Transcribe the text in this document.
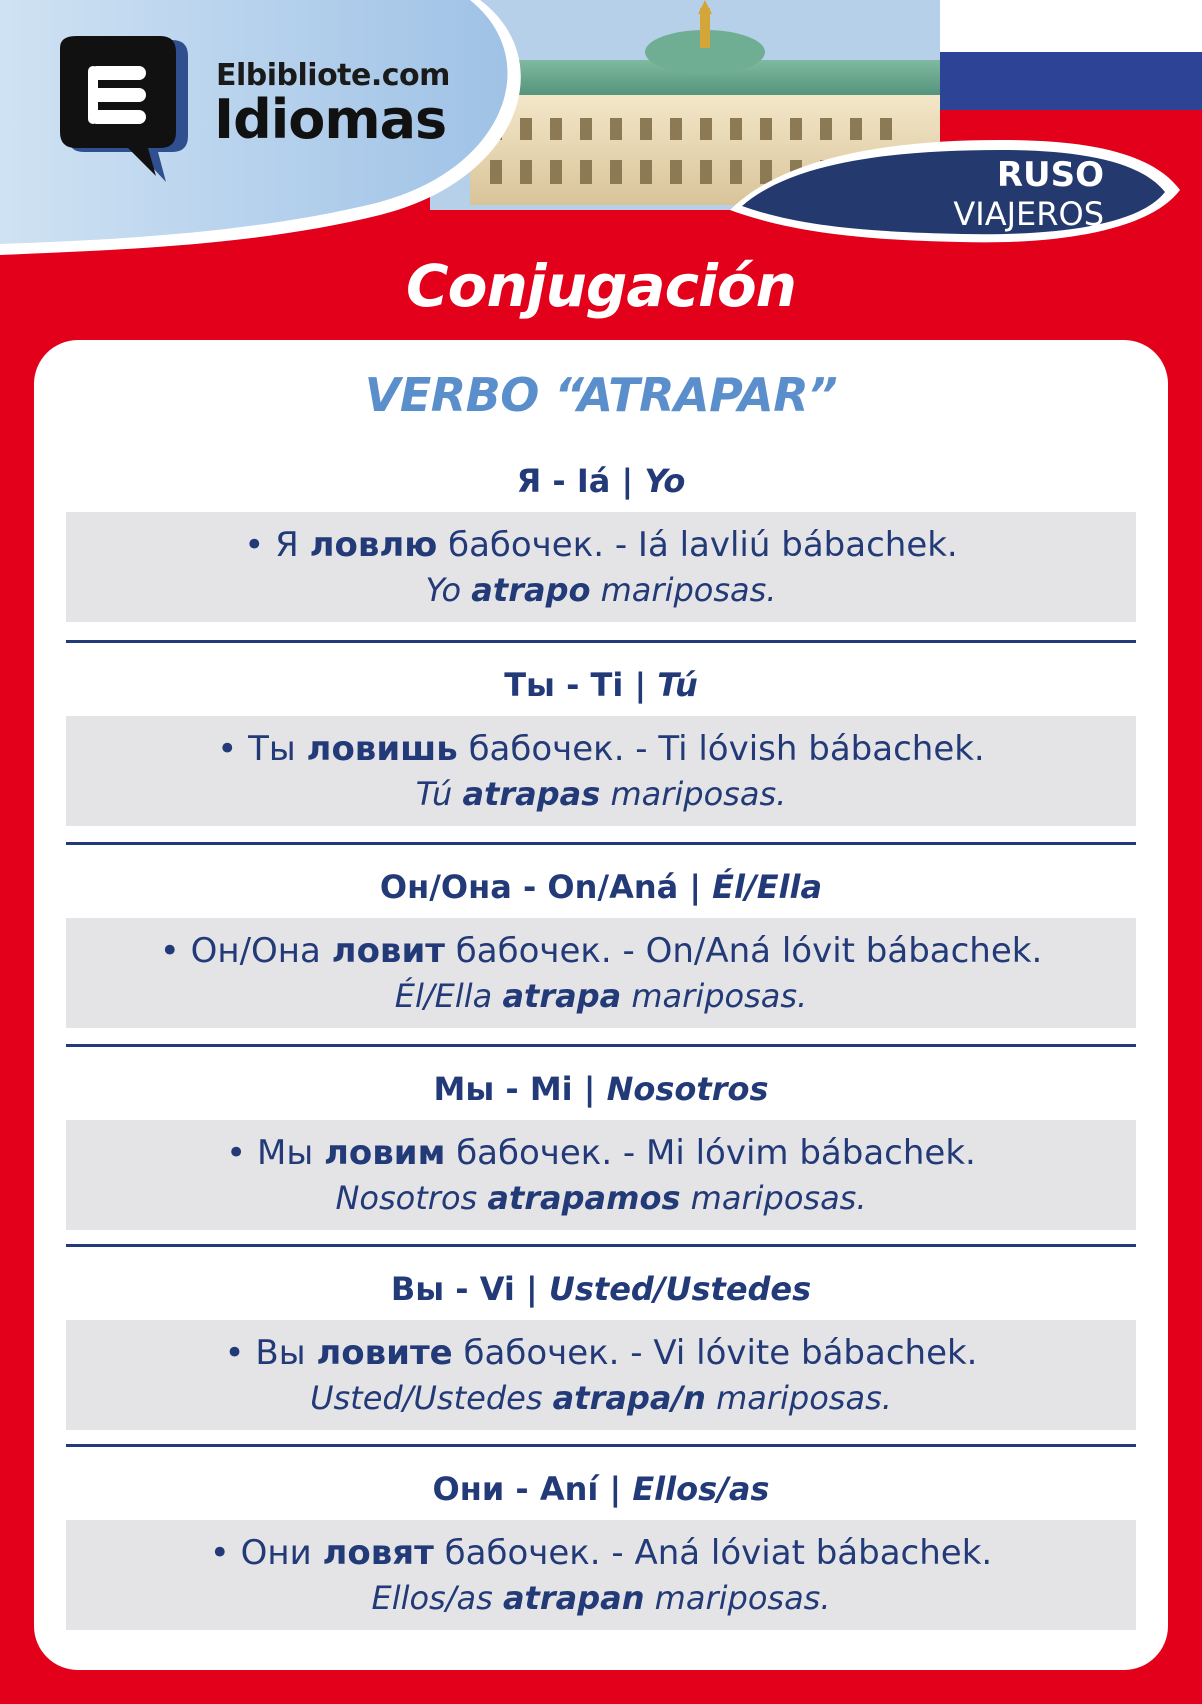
Elbibliote.com
Idiomas
RUSO
VIAJEROS
Conjugación
VERBO “ATRAPAR”
Я - Iá | Yo
• Я ловлю бабочек. - Iá lavliú bábachek.
Yo atrapo mariposas.
Ты - Ti | Tú
• Ты ловишь бабочек. - Ti lóvish bábachek.
Tú atrapas mariposas.
Он/Она - On/Aná | Él/Ella
• Он/Она ловит бабочек. - On/Aná lóvit bábachek.
Él/Ella atrapa mariposas.
Мы - Mi | Nosotros
• Мы ловим бабочек. - Mi lóvim bábachek.
Nosotros atrapamos mariposas.
Вы - Vi | Usted/Ustedes
• Вы ловите бабочек. - Vi lóvite bábachek.
Usted/Ustedes atrapa/n mariposas.
Они - Aní | Ellos/as
• Они ловят бабочек. - Aná lóviat bábachek.
Ellos/as atrapan mariposas.
